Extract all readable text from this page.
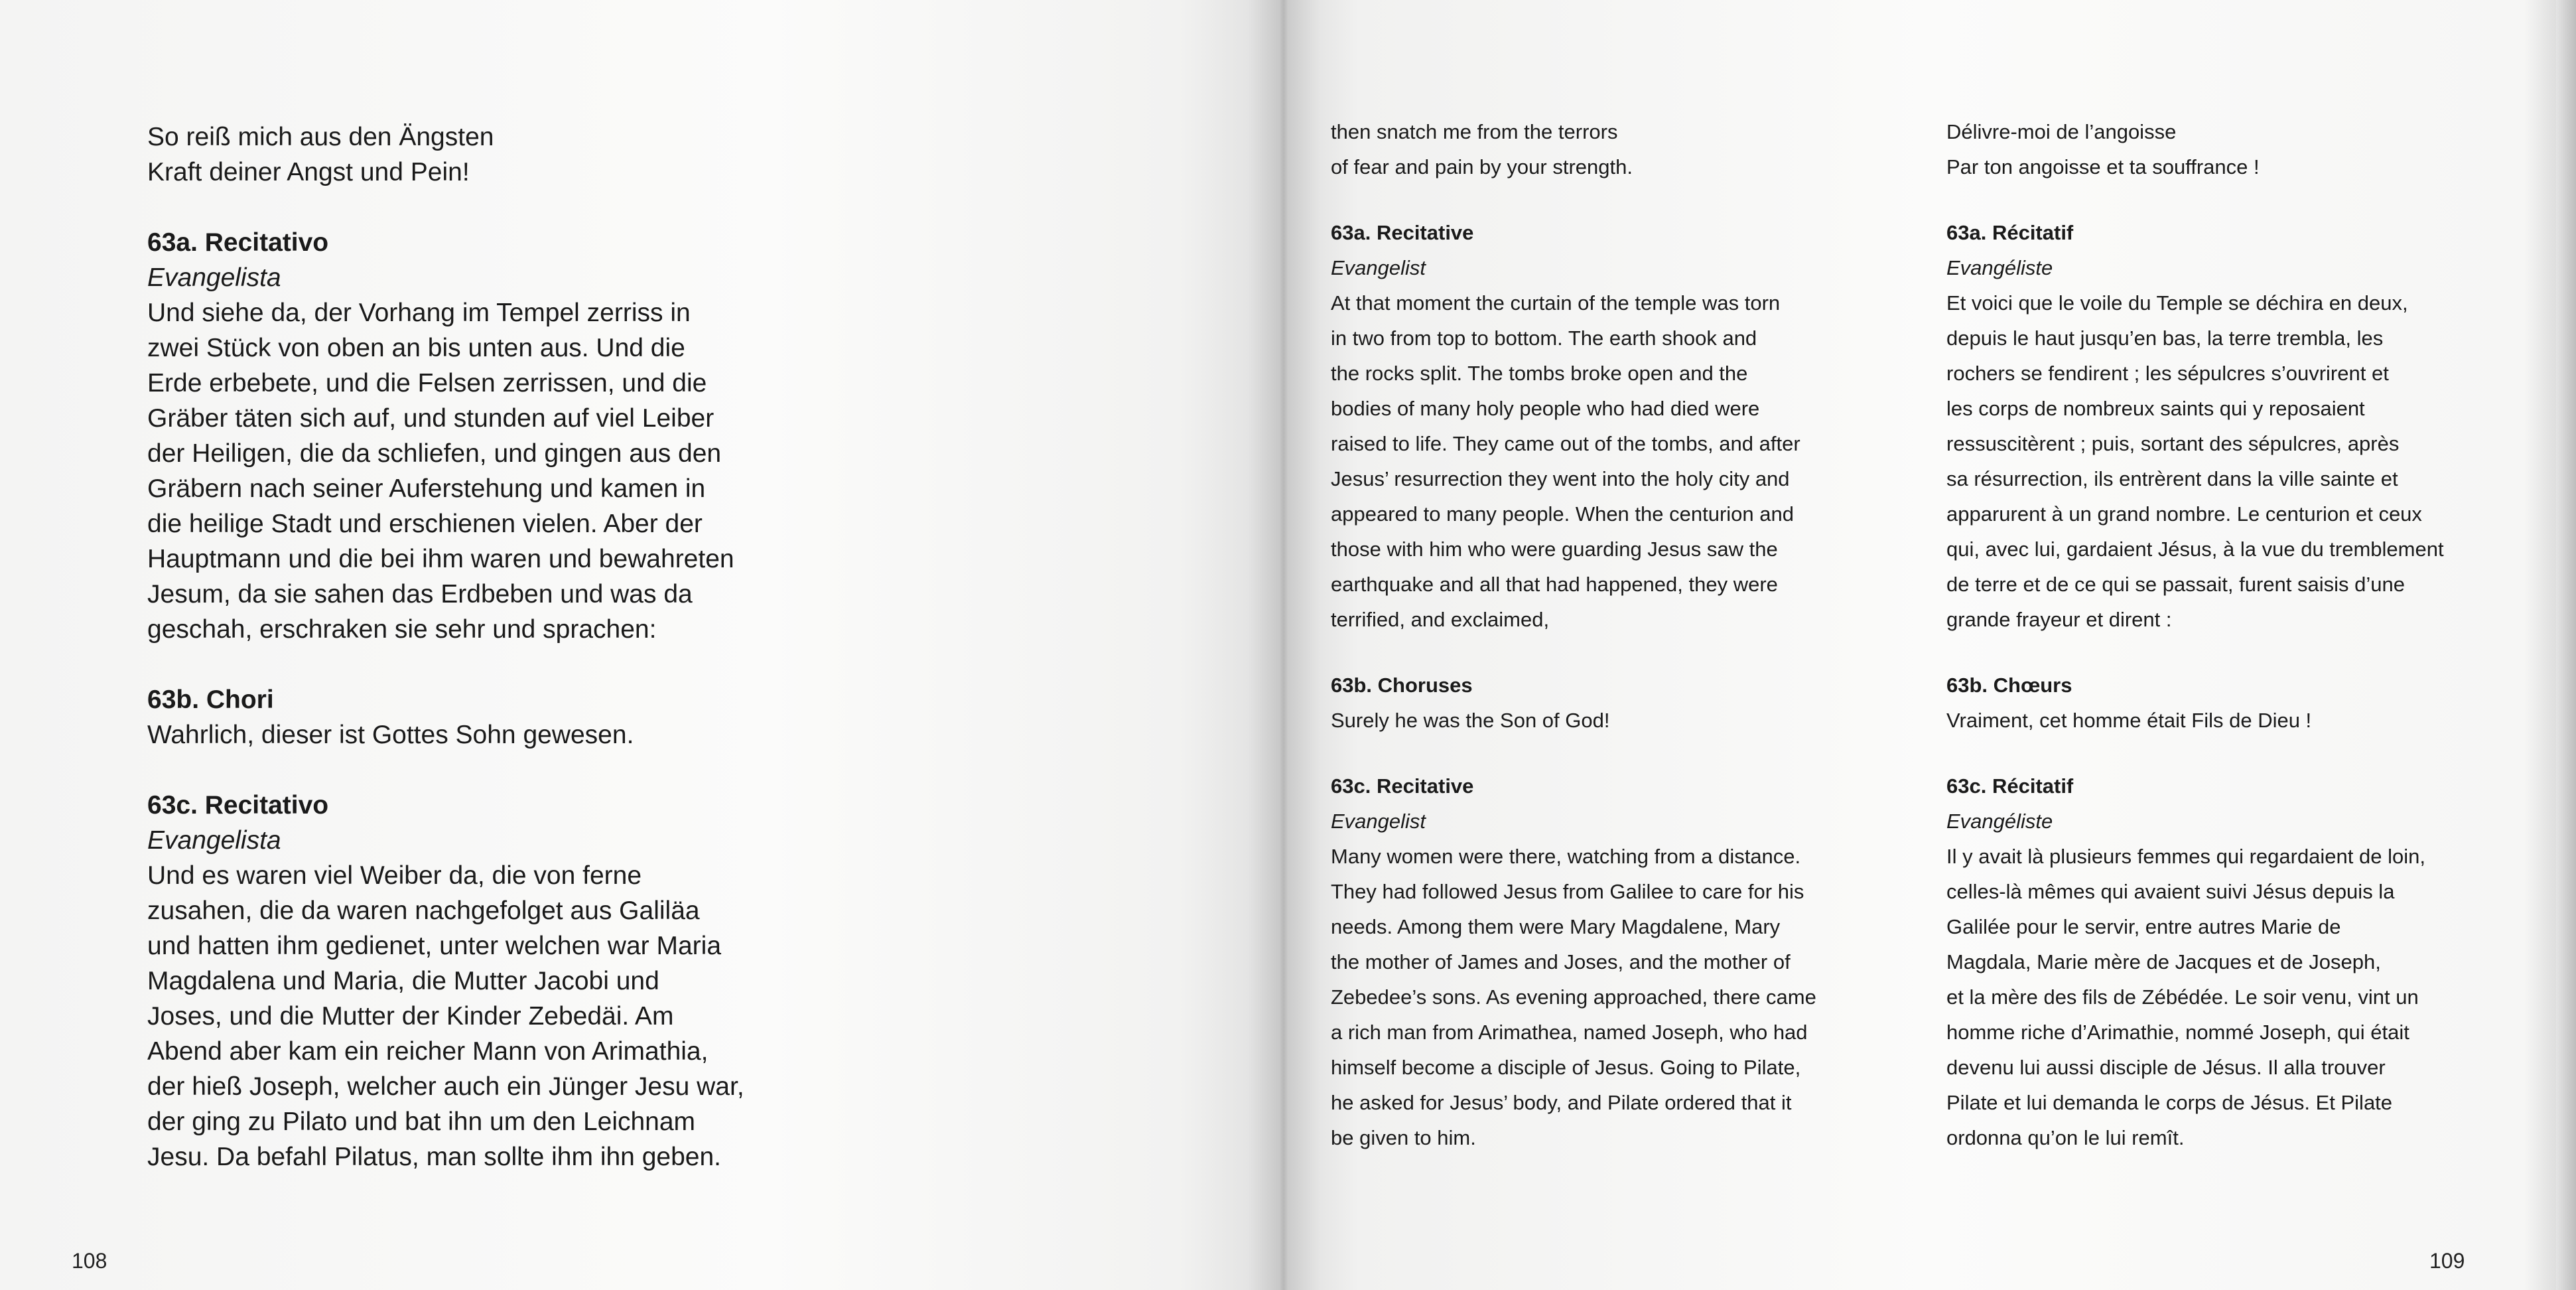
So reiß mich aus den Ängsten
Kraft deiner Angst und Pein!
63a. Recitativo
Evangelista
Und siehe da, der Vorhang im Tempel zerriss in
zwei Stück von oben an bis unten aus. Und die
Erde erbebete, und die Felsen zerrissen, und die
Gräber täten sich auf, und stunden auf viel Leiber
der Heiligen, die da schliefen, und gingen aus den
Gräbern nach seiner Auferstehung und kamen in
die heilige Stadt und erschienen vielen. Aber der
Hauptmann und die bei ihm waren und bewahreten
Jesum, da sie sahen das Erdbeben und was da
geschah, erschraken sie sehr und sprachen:
63b. Chori
Wahrlich, dieser ist Gottes Sohn gewesen.
63c. Recitativo
Evangelista
Und es waren viel Weiber da, die von ferne
zusahen, die da waren nachgefolget aus Galiläa
und hatten ihm gedienet, unter welchen war Maria
Magdalena und Maria, die Mutter Jacobi und
Joses, und die Mutter der Kinder Zebedäi. Am
Abend aber kam ein reicher Mann von Arimathia,
der hieß Joseph, welcher auch ein Jünger Jesu war,
der ging zu Pilato und bat ihn um den Leichnam
Jesu. Da befahl Pilatus, man sollte ihm ihn geben.
108
then snatch me from the terrors
of fear and pain by your strength.
63a. Recitative
Evangelist
At that moment the curtain of the temple was torn
in two from top to bottom. The earth shook and
the rocks split. The tombs broke open and the
bodies of many holy people who had died were
raised to life. They came out of the tombs, and after
Jesus’ resurrection they went into the holy city and
appeared to many people. When the centurion and
those with him who were guarding Jesus saw the
earthquake and all that had happened, they were
terrified, and exclaimed,
63b. Choruses
Surely he was the Son of God!
63c. Recitative
Evangelist
Many women were there, watching from a distance.
They had followed Jesus from Galilee to care for his
needs. Among them were Mary Magdalene, Mary
the mother of James and Joses, and the mother of
Zebedee’s sons. As evening approached, there came
a rich man from Arimathea, named Joseph, who had
himself become a disciple of Jesus. Going to Pilate,
he asked for Jesus’ body, and Pilate ordered that it
be given to him.
Délivre-moi de l’angoisse
Par ton angoisse et ta souffrance !
63a. Récitatif
Evangéliste
Et voici que le voile du Temple se déchira en deux,
depuis le haut jusqu’en bas, la terre trembla, les
rochers se fendirent ; les sépulcres s’ouvrirent et
les corps de nombreux saints qui y reposaient
ressuscitèrent ; puis, sortant des sépulcres, après
sa résurrection, ils entrèrent dans la ville sainte et
apparurent à un grand nombre. Le centurion et ceux
qui, avec lui, gardaient Jésus, à la vue du tremblement
de terre et de ce qui se passait, furent saisis d’une
grande frayeur et dirent :
63b. Chœurs
Vraiment, cet homme était Fils de Dieu !
63c. Récitatif
Evangéliste
Il y avait là plusieurs femmes qui regardaient de loin,
celles-là mêmes qui avaient suivi Jésus depuis la
Galilée pour le servir, entre autres Marie de
Magdala, Marie mère de Jacques et de Joseph,
et la mère des fils de Zébédée. Le soir venu, vint un
homme riche d’Arimathie, nommé Joseph, qui était
devenu lui aussi disciple de Jésus. Il alla trouver
Pilate et lui demanda le corps de Jésus. Et Pilate
ordonna qu’on le lui remît.
109
